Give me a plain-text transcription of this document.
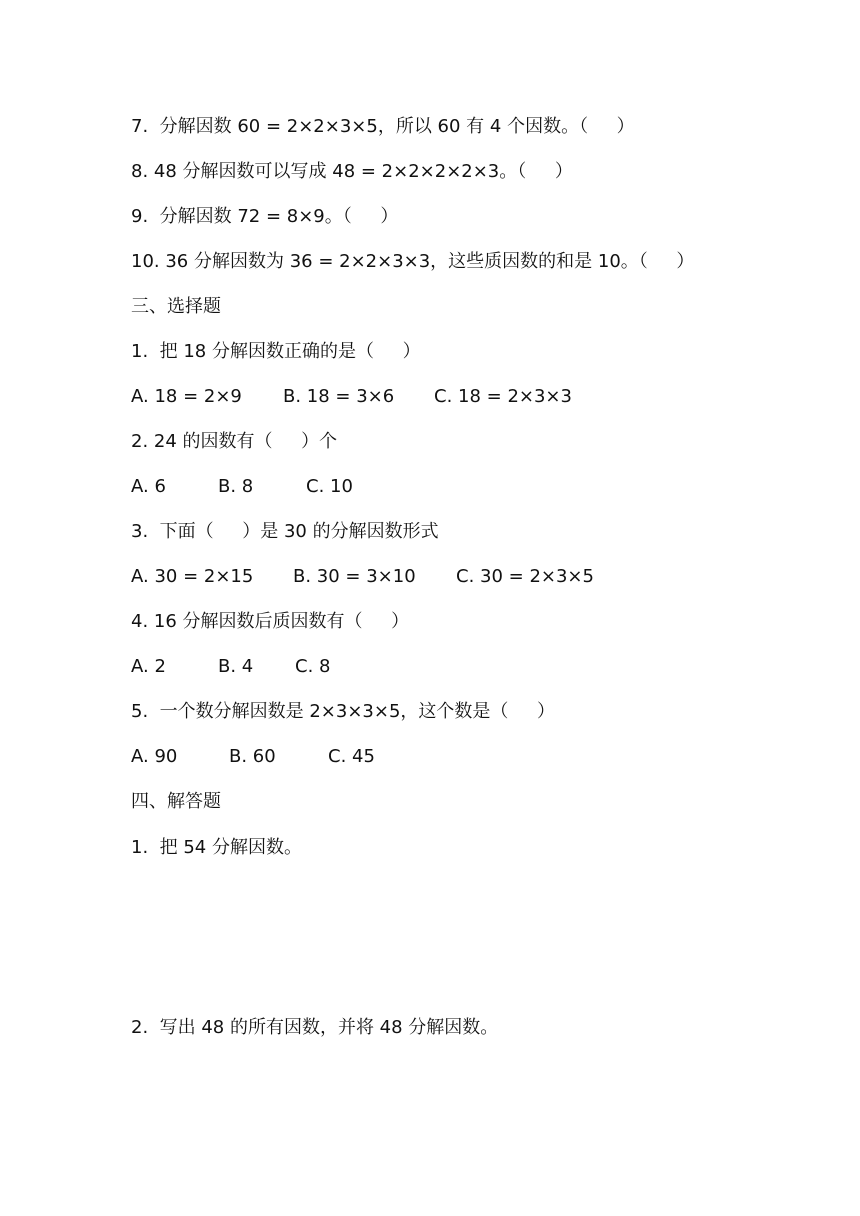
7.  分解因数 60 = 2×2×3×5，所以 60 有 4 个因数。（     ）
8. 48 分解因数可以写成 48 = 2×2×2×2×3。（     ）
9.  分解因数 72 = 8×9。（     ）
10. 36 分解因数为 36 = 2×2×3×3，这些质因数的和是 10。（     ）
三、选择题
1.  把 18 分解因数正确的是（     ）

A. 18 = 2×9

B. 18 = 3×6

C. 18 = 2×3×3

2. 24 的因数有（     ）个

A. 6

	B. 8

	C. 10

3.  下面（     ）是 30 的分解因数形式

A. 30 = 2×15

B. 30 = 3×10

C. 30 = 2×3×5

4. 16 分解因数后质因数有（     ）

A. 2

	B. 4

C. 8

5.  一个数分解因数是 2×3×3×5，这个数是（     ）

A. 90

	B. 60

	C. 45

四、解答题
1.  把 54 分解因数。
2.  写出 48 的所有因数，并将 48 分解因数。
